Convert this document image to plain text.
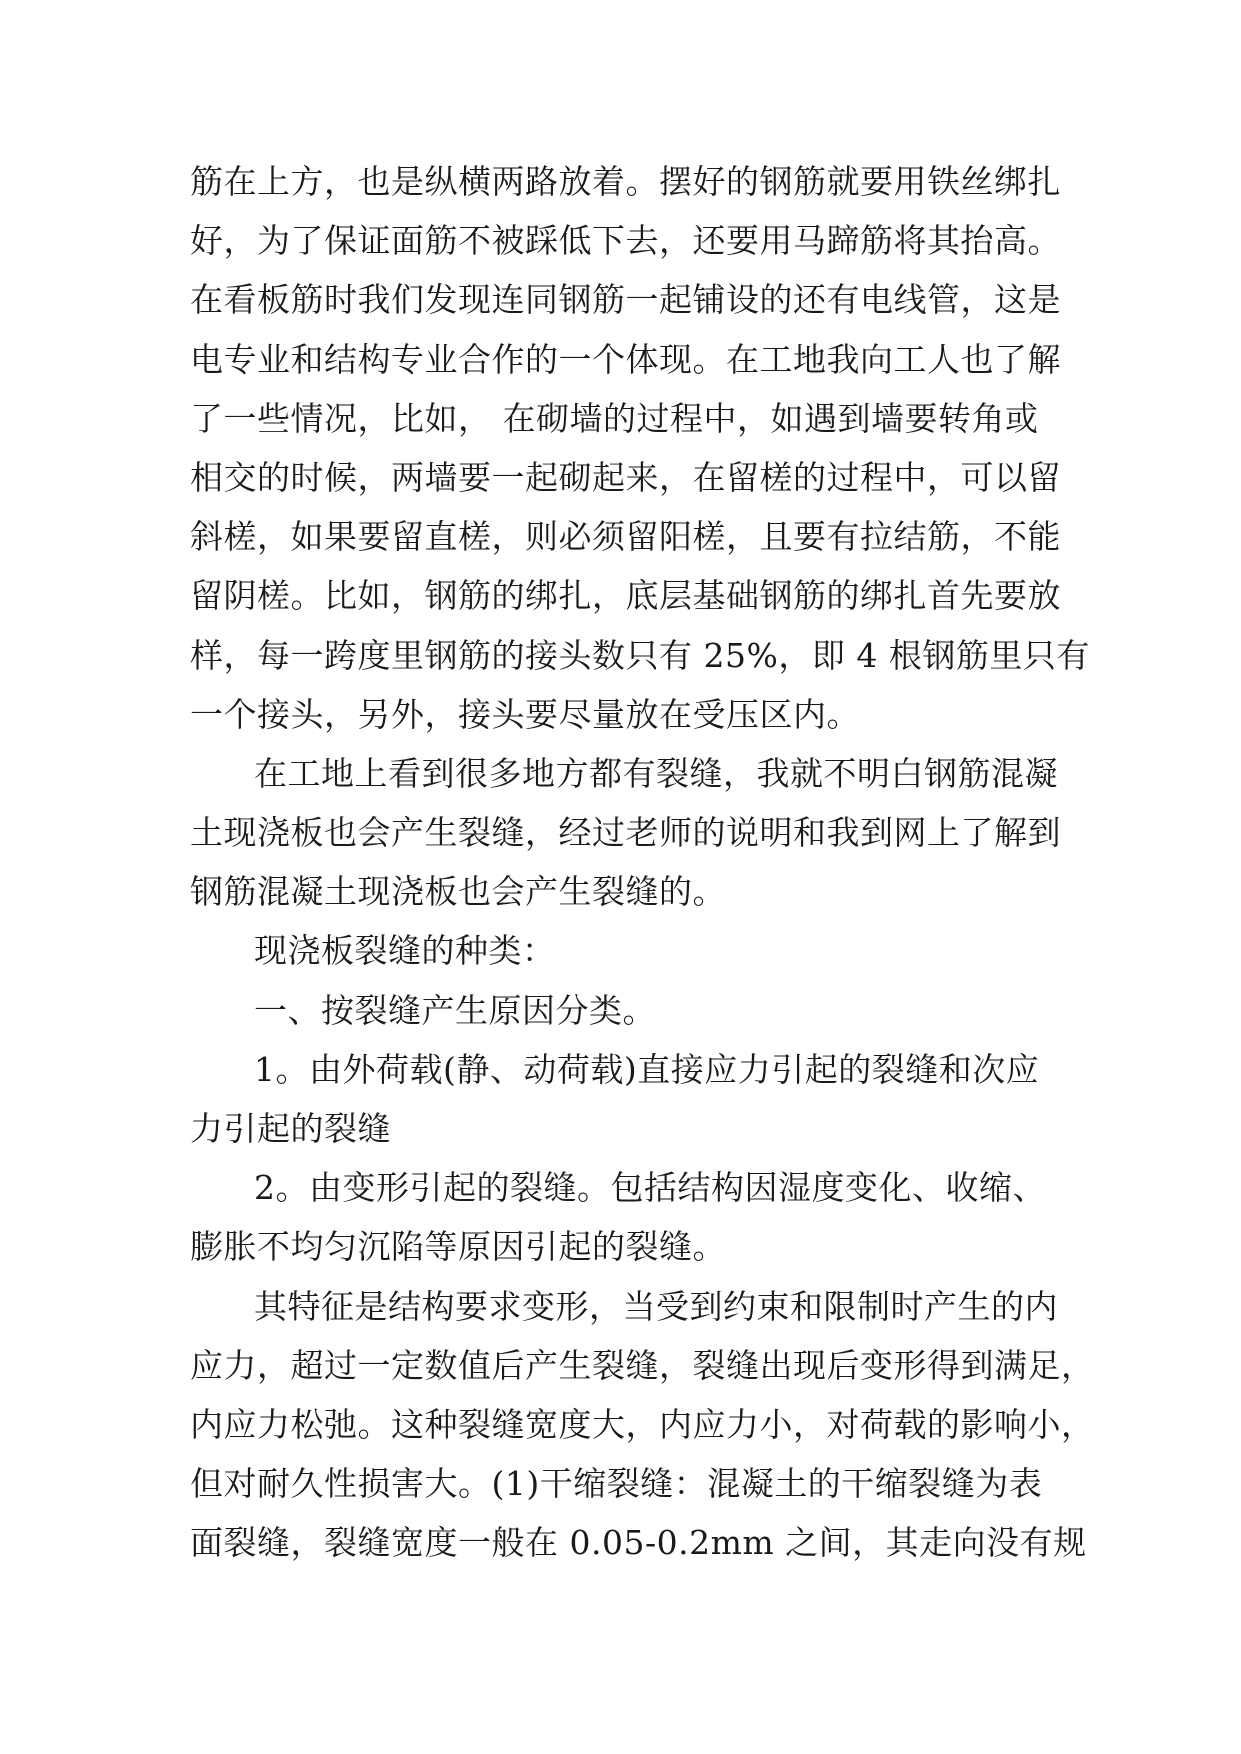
筋在上方，也是纵横两路放着。摆好的钢筋就要用铁丝绑扎
好，为了保证面筋不被踩低下去，还要用马蹄筋将其抬高。
在看板筋时我们发现连同钢筋一起铺设的还有电线管，这是
电专业和结构专业合作的一个体现。在工地我向工人也了解
了一些情况，比如， 在砌墙的过程中，如遇到墙要转角或
相交的时候，两墙要一起砌起来，在留槎的过程中，可以留
斜槎，如果要留直槎，则必须留阳槎，且要有拉结筋，不能
留阴槎。比如，钢筋的绑扎，底层基础钢筋的绑扎首先要放
样，每一跨度里钢筋的接头数只有 25%，即 4 根钢筋里只有
一个接头，另外，接头要尽量放在受压区内。
在工地上看到很多地方都有裂缝，我就不明白钢筋混凝
土现浇板也会产生裂缝，经过老师的说明和我到网上了解到
钢筋混凝土现浇板也会产生裂缝的。
现浇板裂缝的种类：
一、按裂缝产生原因分类。
1。由外荷载(静、动荷载)直接应力引起的裂缝和次应
力引起的裂缝
2。由变形引起的裂缝。包括结构因湿度变化、收缩、
膨胀不均匀沉陷等原因引起的裂缝。
其特征是结构要求变形，当受到约束和限制时产生的内
应力，超过一定数值后产生裂缝，裂缝出现后变形得到满足，
内应力松弛。这种裂缝宽度大，内应力小，对荷载的影响小，
但对耐久性损害大。(1)干缩裂缝：混凝土的干缩裂缝为表
面裂缝，裂缝宽度一般在 0.05-0.2mm 之间，其走向没有规
